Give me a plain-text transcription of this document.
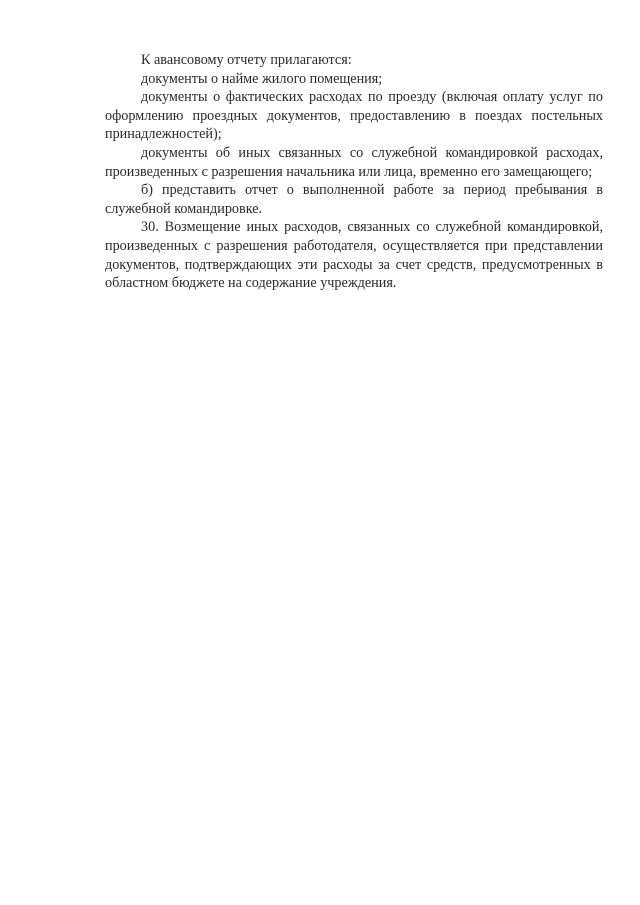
К авансовому отчету прилагаются:

документы о найме жилого помещения;

документы о фактических расходах по проезду (включая оплату услуг по оформлению проездных документов, предоставлению в поездах постельных принадлежностей);

документы об иных связанных со служебной командировкой расходах, произведенных с разрешения начальника или лица, временно его замещающего;

б) представить отчет о выполненной работе за период пребывания в служебной командировке.

30. Возмещение иных расходов, связанных со служебной командировкой, произведенных с разрешения работодателя, осуществляется при представлении документов, подтверждающих эти расходы за счет средств, предусмотренных в областном бюджете на содержание учреждения.
